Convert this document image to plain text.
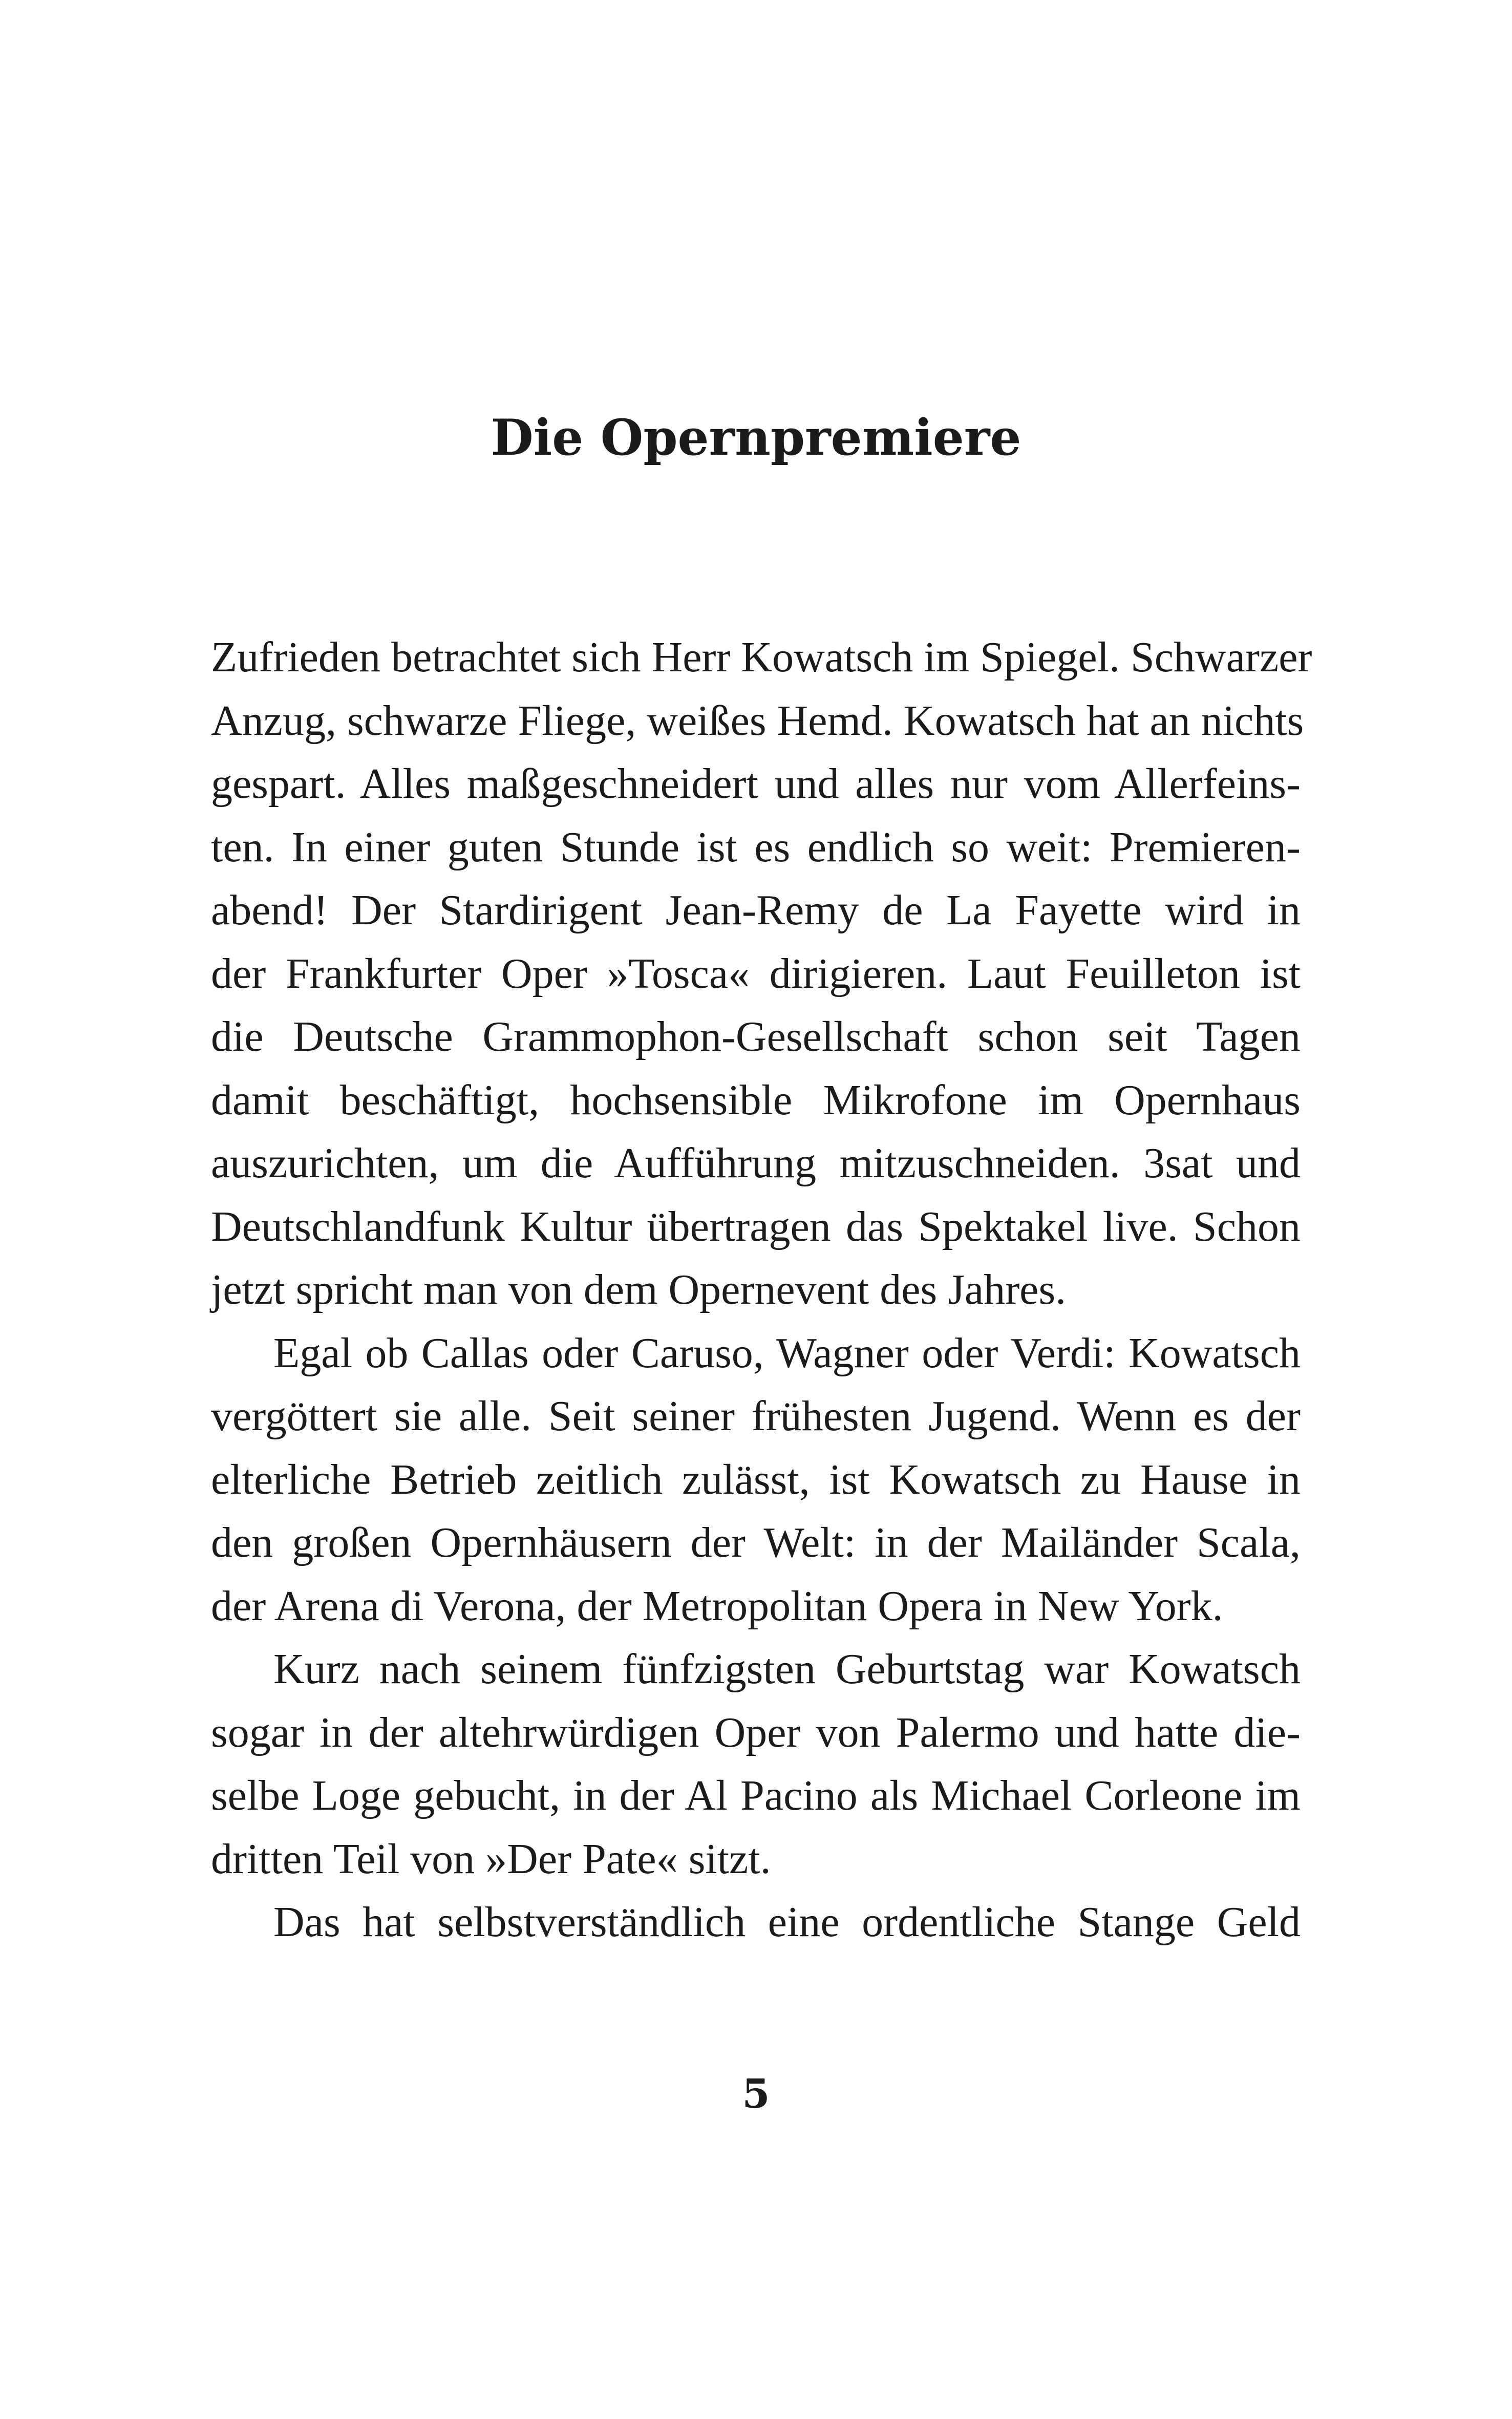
Die Opernpremiere
Zufrieden betrachtet sich Herr Kowatsch im Spiegel. Schwarzer
Anzug, schwarze Fliege, weißes Hemd. Kowatsch hat an nichts
gespart. Alles maßgeschneidert und alles nur vom Allerfeins-
ten. In einer guten Stunde ist es endlich so weit: Premieren-
abend! Der Stardirigent Jean-Remy de La Fayette wird in
der Frankfurter Oper »Tosca« dirigieren. Laut Feuilleton ist
die Deutsche Grammophon-Gesellschaft schon seit Tagen
damit beschäftigt, hochsensible Mikrofone im Opernhaus
auszurichten, um die Aufführung mitzuschneiden. 3sat und
Deutschlandfunk Kultur übertragen das Spektakel live. Schon
jetzt spricht man von dem Opernevent des Jahres.
Egal ob Callas oder Caruso, Wagner oder Verdi: Kowatsch
vergöttert sie alle. Seit seiner frühesten Jugend. Wenn es der
elterliche Betrieb zeitlich zulässt, ist Kowatsch zu Hause in
den großen Opernhäusern der Welt: in der Mailänder Scala,
der Arena di Verona, der Metropolitan Opera in New York.
Kurz nach seinem fünfzigsten Geburtstag war Kowatsch
sogar in der altehrwürdigen Oper von Palermo und hatte die-
selbe Loge gebucht, in der Al Pacino als Michael Corleone im
dritten Teil von »Der Pate« sitzt.
Das hat selbstverständlich eine ordentliche Stange Geld
5
